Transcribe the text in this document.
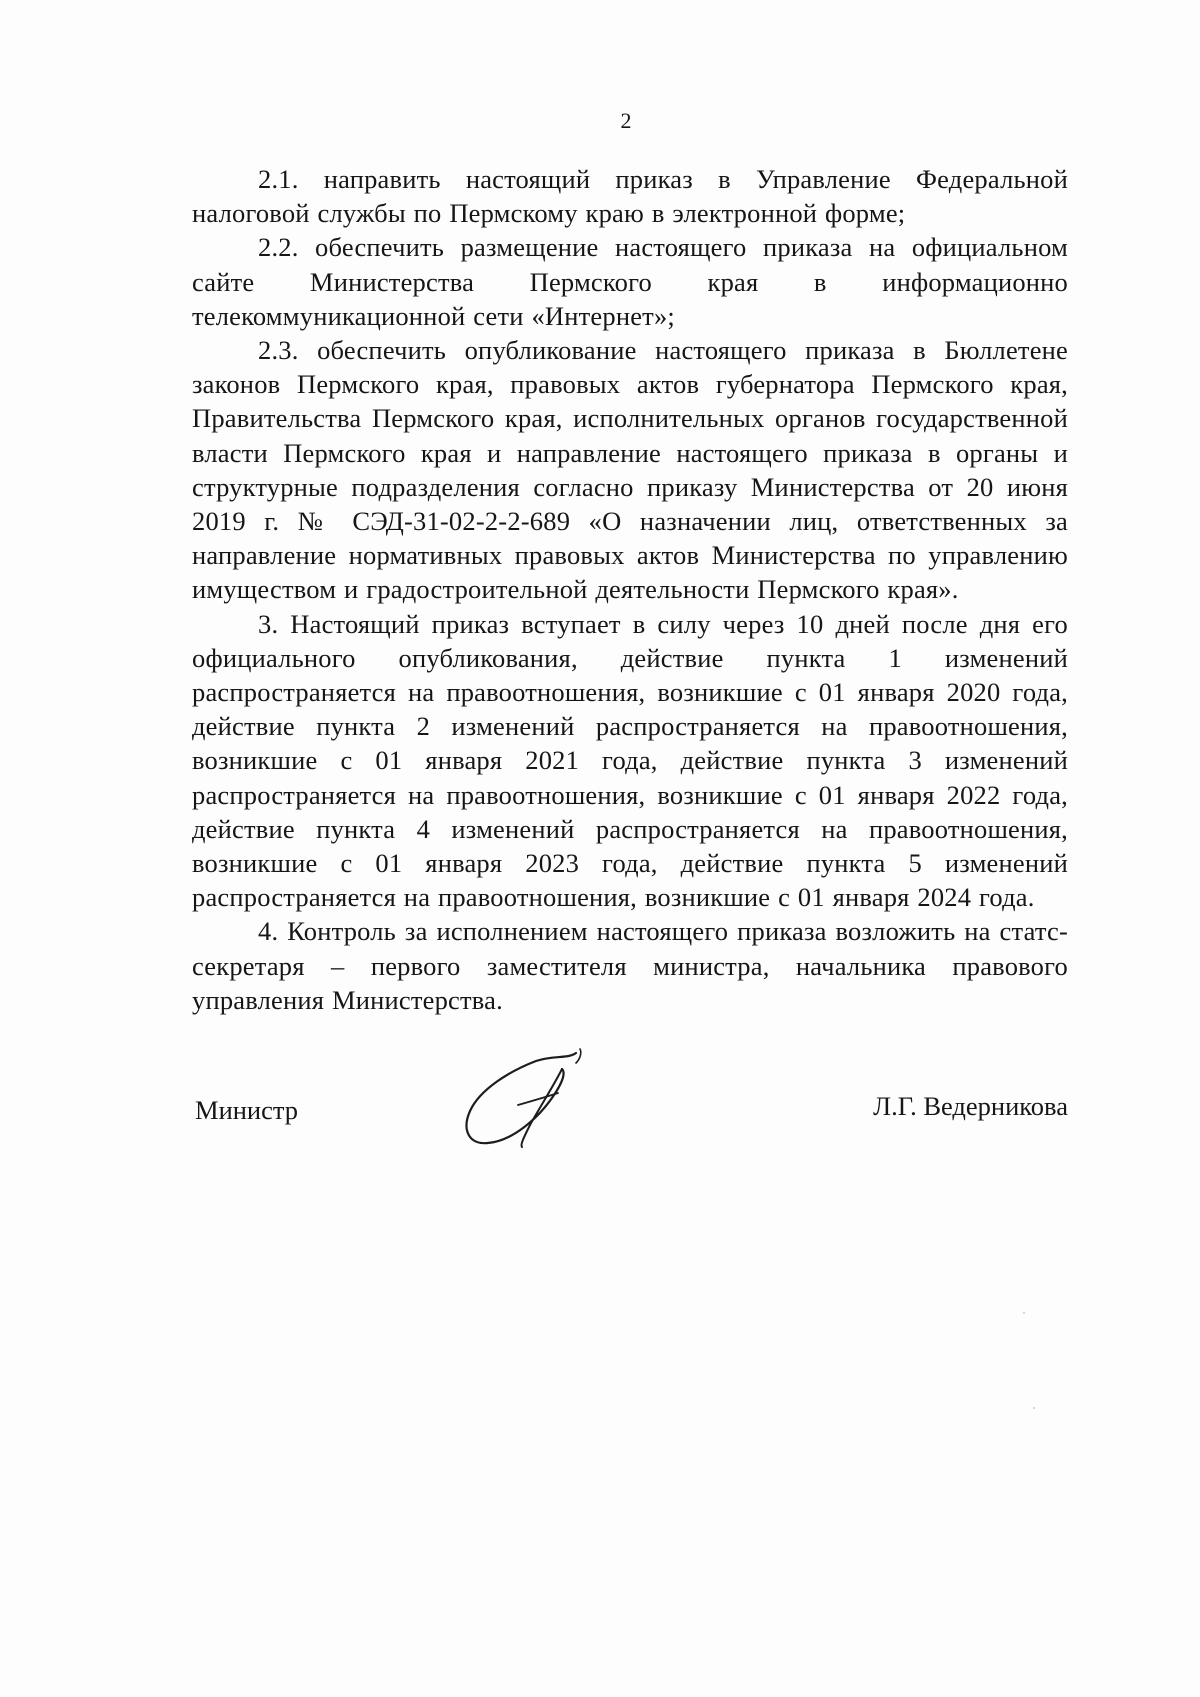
2

2.1. направить настоящий приказ в Управление Федеральной налоговой службы по Пермскому краю в электронной форме;

2.2. обеспечить размещение настоящего приказа на официальном сайте Министерства Пермского края в информационно телекоммуникационной сети «Интернет»;

2.3. обеспечить опубликование настоящего приказа в Бюллетене законов Пермского края, правовых актов губернатора Пермского края, Правительства Пермского края, исполнительных органов государственной власти Пермского края и направление настоящего приказа в органы и структурные подразделения согласно приказу Министерства от 20 июня 2019 г. № СЭД-31-02-2-2-689 «О назначении лиц, ответственных за направление нормативных правовых актов Министерства по управлению имуществом и градостроительной деятельности Пермского края».

3. Настоящий приказ вступает в силу через 10 дней после дня его официального опубликования, действие пункта 1 изменений распространяется на правоотношения, возникшие с 01 января 2020 года, действие пункта 2 изменений распространяется на правоотношения, возникшие с 01 января 2021 года, действие пункта 3 изменений распространяется на правоотношения, возникшие с 01 января 2022 года, действие пункта 4 изменений распространяется на правоотношения, возникшие с 01 января 2023 года, действие пункта 5 изменений распространяется на правоотношения, возникшие с 01 января 2024 года.

4. Контроль за исполнением настоящего приказа возложить на статс-секретаря – первого заместителя министра, начальника правового управления Министерства.

Министр	Л.Г. Ведерникова
